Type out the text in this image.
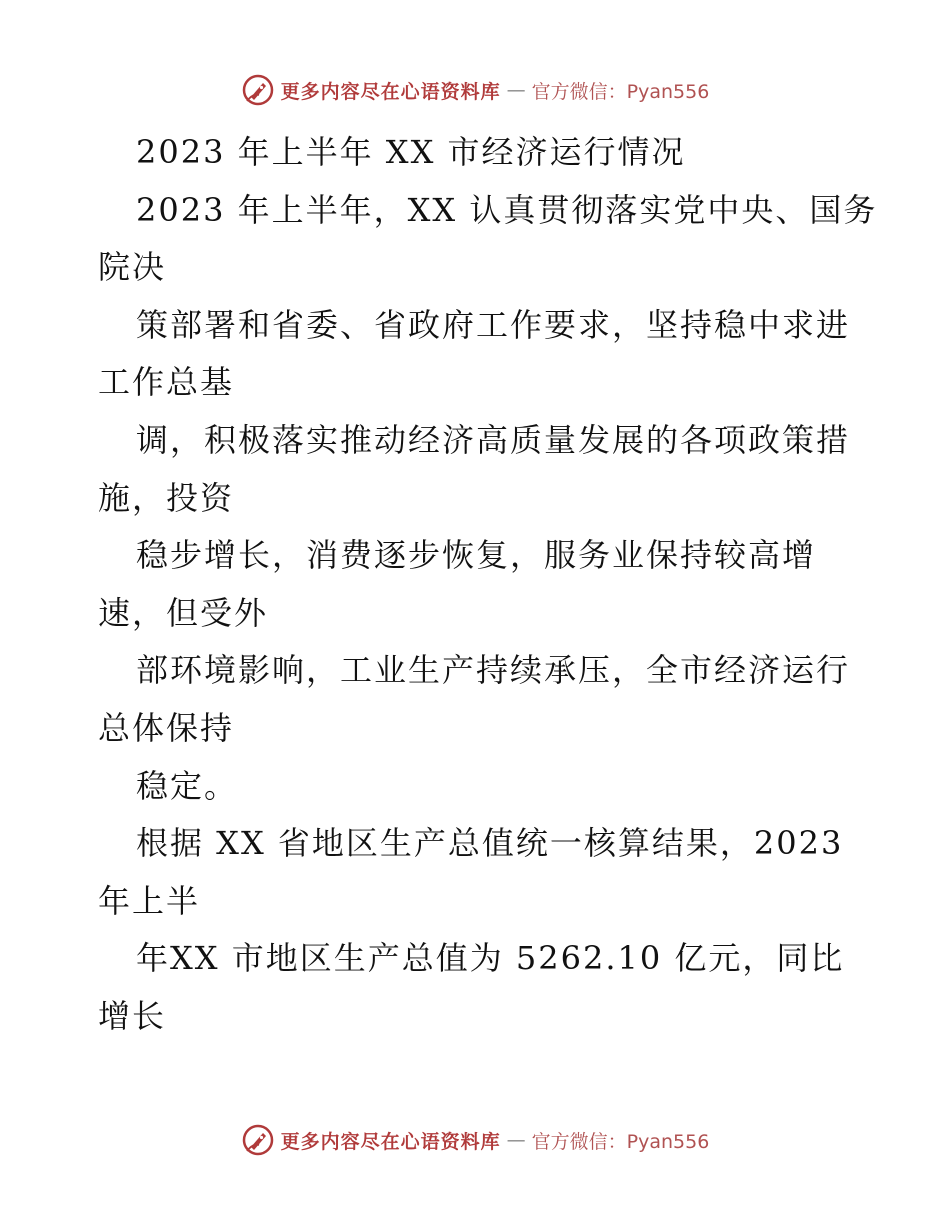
更多内容尽在心语资料库 — 官方微信：Pyan556
2023 年上半年 XX 市经济运行情况
2023 年上半年，XX 认真贯彻落实党中央、国务
院决
策部署和省委、省政府工作要求，坚持稳中求进
工作总基
调，积极落实推动经济高质量发展的各项政策措
施，投资
稳步增长，消费逐步恢复，服务业保持较高增
速，但受外
部环境影响，工业生产持续承压，全市经济运行
总体保持
稳定。
根据 XX 省地区生产总值统一核算结果，2023
年上半
年XX 市地区生产总值为 5262.10 亿元，同比
增长
更多内容尽在心语资料库 — 官方微信：Pyan556
